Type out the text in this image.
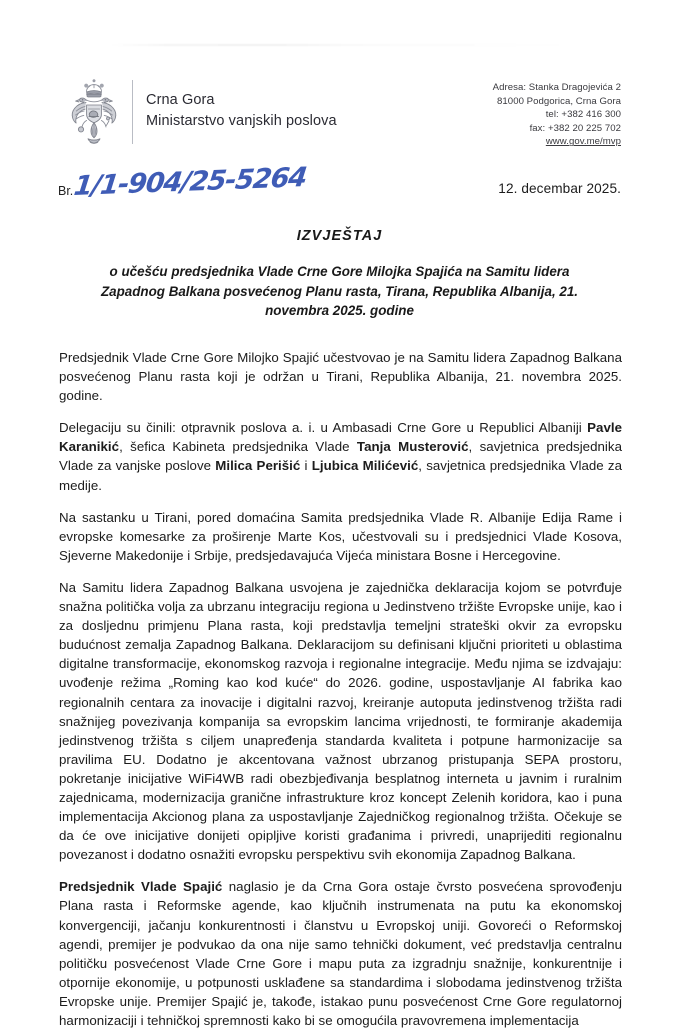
Crna Gora
Ministarstvo vanjskih poslova
Adresa: Stanka Dragojevića 2
81000 Podgorica, Crna Gora
tel: +382 416 300
fax: +382 20 225 702
www.gov.me/mvp
Br. 1/1-904/25-5264	12. decembar 2025.
IZVJEŠTAJ
o učešću predsjednika Vlade Crne Gore Milojka Spajića na Samitu lidera Zapadnog Balkana posvećenog Planu rasta, Tirana, Republika Albanija, 21. novembra 2025. godine

Predsjednik Vlade Crne Gore Milojko Spajić učestvovao je na Samitu lidera Zapadnog Balkana posvećenog Planu rasta koji je održan u Tirani, Republika Albanija, 21. novembra 2025. godine.

Delegaciju su činili: otpravnik poslova a. i. u Ambasadi Crne Gore u Republici Albaniji Pavle Karanikić, šefica Kabineta predsjednika Vlade Tanja Musterović, savjetnica predsjednika Vlade za vanjske poslove Milica Perišić i Ljubica Milićević, savjetnica predsjednika Vlade za medije.

Na sastanku u Tirani, pored domaćina Samita predsjednika Vlade R. Albanije Edija Rame i evropske komesarke za proširenje Marte Kos, učestvovali su i predsjednici Vlade Kosova, Sjeverne Makedonije i Srbije, predsjedavajuća Vijeća ministara Bosne i Hercegovine.

Na Samitu lidera Zapadnog Balkana usvojena je zajednička deklaracija kojom se potvrđuje snažna politička volja za ubrzanu integraciju regiona u Jedinstveno tržište Evropske unije, kao i za dosljednu primjenu Plana rasta, koji predstavlja temeljni strateški okvir za evropsku budućnost zemalja Zapadnog Balkana. Deklaracijom su definisani ključni prioriteti u oblastima digitalne transformacije, ekonomskog razvoja i regionalne integracije. Među njima se izdvajaju: uvođenje režima „Roming kao kod kuće“ do 2026. godine, uspostavljanje AI fabrika kao regionalnih centara za inovacije i digitalni razvoj, kreiranje autoputa jedinstvenog tržišta radi snažnijeg povezivanja kompanija sa evropskim lancima vrijednosti, te formiranje akademija jedinstvenog tržišta s ciljem unapređenja standarda kvaliteta i potpune harmonizacije sa pravilima EU. Dodatno je akcentovana važnost ubrzanog pristupanja SEPA prostoru, pokretanje inicijative WiFi4WB radi obezbjeđivanja besplatnog interneta u javnim i ruralnim zajednicama, modernizacija granične infrastrukture kroz koncept Zelenih koridora, kao i puna implementacija Akcionog plana za uspostavljanje Zajedničkog regionalnog tržišta. Očekuje se da će ove inicijative donijeti opipljive koristi građanima i privredi, unaprijediti regionalnu povezanost i dodatno osnažiti evropsku perspektivu svih ekonomija Zapadnog Balkana.

Predsjednik Vlade Spajić naglasio je da Crna Gora ostaje čvrsto posvećena sprovođenju Plana rasta i Reformske agende, kao ključnih instrumenata na putu ka ekonomskoj konvergenciji, jačanju konkurentnosti i članstvu u Evropskoj uniji. Govoreći o Reformskoj agendi, premijer je podvukao da ona nije samo tehnički dokument, već predstavlja centralnu političku posvećenost Vlade Crne Gore i mapu puta za izgradnju snažnije, konkurentnije i otpornije ekonomije, u potpunosti usklađene sa standardima i slobodama jedinstvenog tržišta Evropske unije. Premijer Spajić je, takođe, istakao punu posvećenost Crne Gore regulatornoj harmonizaciji i tehničkoj spremnosti kako bi se omogućila pravovremena implementacija
